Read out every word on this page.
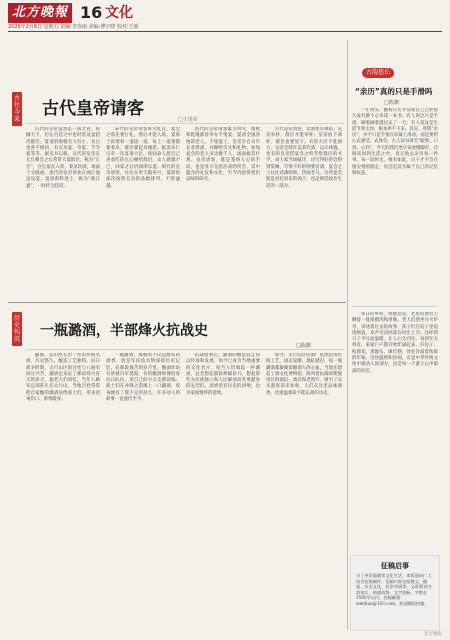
北方晚報 16 文化
2026年2月6日 星期五 责编:李春丽 美编:傅宇晓 校对:王丽
古往今来
古代皇帝请客
□王吴军

古代的皇帝虽然是一国之君，权倾天下，但在宫廷之中也时常设宴招待群臣。宴请的规模有大有小，名目也各不相同，有庆功宴、寿宴、节令宴等等。据史书记载，汉代的皇帝在元旦朝会之后常常大宴群臣，称为“正会”，百官依次入席，奏乐饮酒，场面十分隆重。唐代的皇帝喜欢在曲江池边设宴，宴请新科进士，称为“曲江宴”，一时传为佳话。

宋代的皇帝请客讲究礼仪，宴会之前先要行礼，然后才能入席。宴席上的菜肴一道接一道，每上一道菜都要奏乐，群臣要起身谢恩。据说宋仁宗有一次宴请大臣，席间命人把自己喜欢吃的点心赐给群臣，众人感激不已，回家之后仍津津乐道。明代的皇帝请客，往往在奉天殿举行，宴席的座次按照官员的品级排列，不得逾越。

清代的皇帝请客最为讲究，康熙和乾隆都曾举办千叟宴，宴请全国各地的老人。千叟宴上，皇帝亲自为年长者斟酒，并赐给诗文和礼物。参加宴会的老人多达数千人，场面极其壮观。皇帝请客，既是笼络人心的手段，也是显示皇恩浩荡的机会，其中蕴含的礼仪和文化，至今仍值得我们品味和研究。

古代皇帝请客，饮酒也有规矩。皇帝举杯，群臣才能举杯；皇帝放下酒杯，群臣也要放下。有的大臣不胜酒力，皇帝会特许以茶代酒，以示体恤。也有的皇帝借宴会之机考察群臣的才学，命大家当场赋诗，诗写得好的会得到赏赐，写得不好的则要罚酒，宴会之上往往诗酒唱和，热闹非凡。这些宴会既是君臣同乐的场合，也是朝廷政治生活的一部分。

古韵悠长
“亲历”真的只是手滑吗
□陈渊

一年到头，翻看日历才发现自己已经很久没有静下心来读一本书。有人说这只是手滑，刷着刷着就过去了一天；有人说这是生活节奏太快，根本停不下来。其实，所谓“亲历”，并不只是手指在屏幕上滑动，而是要用心去感受、去体会。古人读书讲究“眼到、口到、心到”，今天的我们更应该放慢脚步，让阅读回到生活之中，真正地去亲历每一件事、每一段时光。唯有如此，日子才不会在指尖悄悄溜走，而会沉淀为属于自己的记忆和收获。

历史钩沉
一瓶潞酒，半部烽火抗战史
□陈渊

潞酒，是山西长治一带的传统名酒，历史悠久，酿造工艺独特。抗日战争时期，太行山区的百姓与八路军同甘共苦，潞酒也见证了那段烽火连天的岁月。据老人们回忆，当年八路军总部驻扎在太行山，当地百姓常常把自家酿的潞酒送给战士们，用来消毒伤口、驱寒暖身。

一瓶潞酒，承载的不仅是醇厚的酒香，更是军民鱼水情深的历史记忆。在那段艰苦的岁月里，酿酒作坊有的被日军焚毁，有的酿酒师傅投身抗日队伍，用自己的方式支援前线。战士们在冲锋之前喝上一口潞酒，浑身便有了使不完的劲儿，许多动人的故事一直流传至今。

抗战胜利后，潞酒的酿造技艺得以传承和发展，如今已成为当地重要的文化名片。每当人们端起一杯潞酒，总会想起那段峥嵘岁月，想起那些为民族独立和人民解放而英勇献身的先烈们。酒香里有历史的回响，也有家国情怀的延续。

如今，太行山区的酒厂依然沿用传统工艺，固态发酵、地缸储存，每一瓶潞酒都凝聚着酿酒人的心血。当地还建起了酒文化博物馆，陈列着抗战时期使用过的酒坛、酒具和老照片，吸引了众多游客前来参观。人们在这里品味酒香，也重温那段不能忘却的历史。

冬日的乡村，炊烟袅袅，老屋的窗台上晒着一排排腊肉和香肠。老人们围坐在火炉旁，讲述着过去的故事，孩子们在院子里追逐嬉戏，欢声笑语回荡在村庄上空。这样的日子平凡而温暖，让人心生向往。每到年关将近，家家户户都开始忙碌起来，扫房子、贴窗花、蒸馒头、做年糕，处处洋溢着浓浓的年味。这份温情和热闹，正是中华传统文化中最动人的部分，也是每一个游子心中最深的牵挂。

征稿启事
为了更好地繁荣文化生活，本版面向广大读者征集稿件。征稿内容包括散文、随笔、历史文化、民俗风情等，文章要求内容真实、情感真挚、文字流畅，字数在1500字以内。投稿邮箱：wenhua@163.com，欢迎踊跃投稿。
北方晚报
